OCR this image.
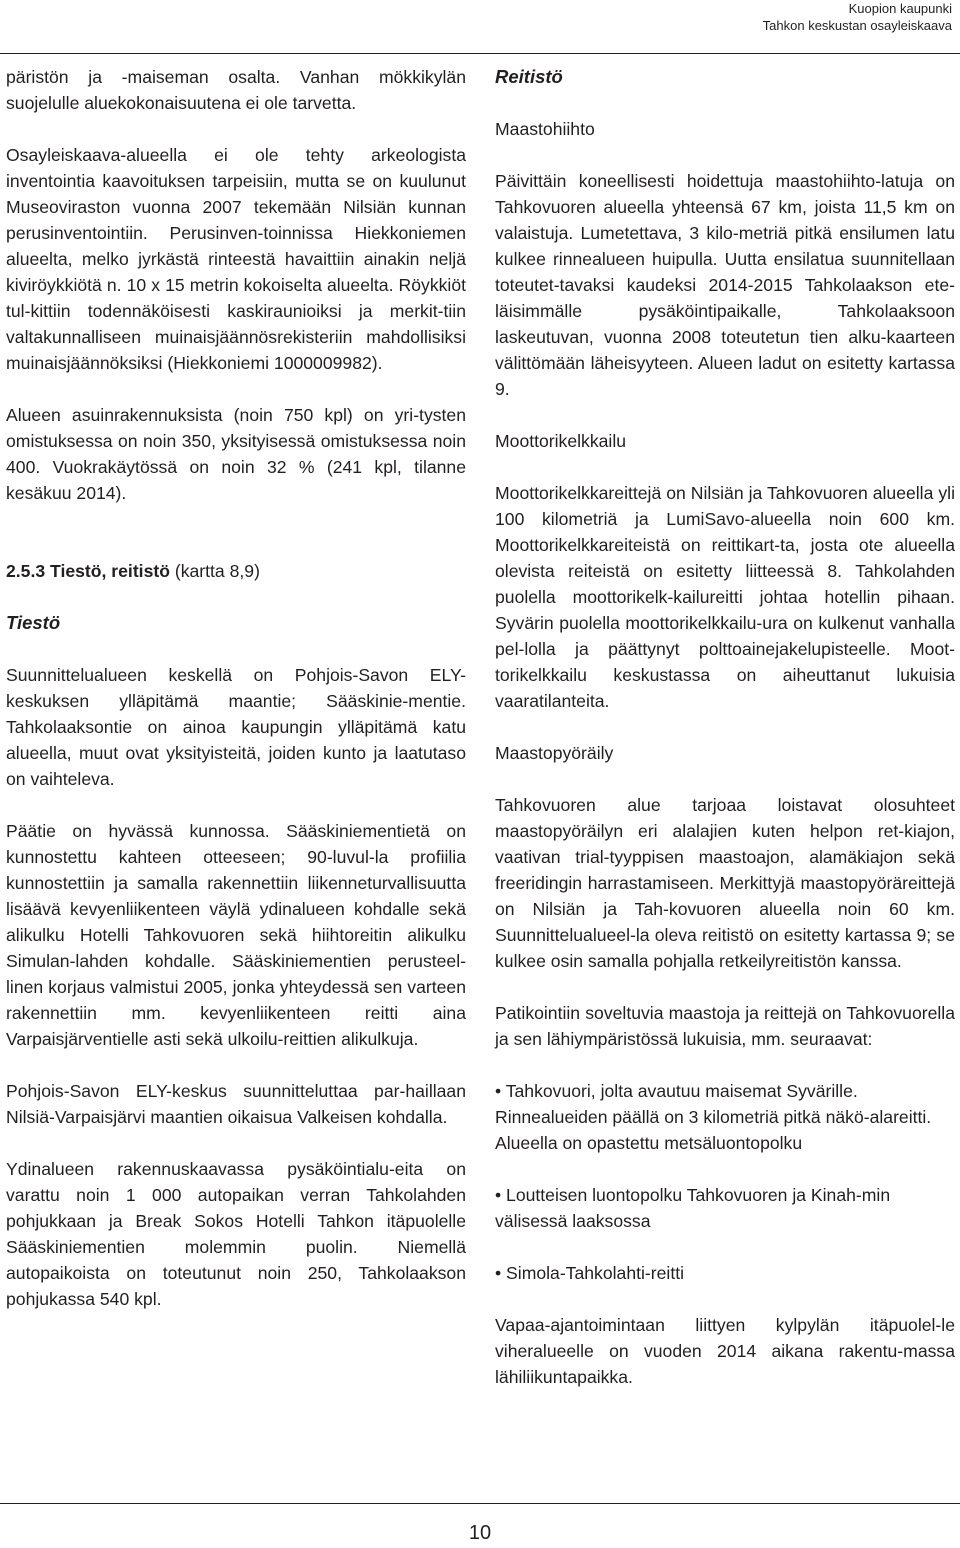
Kuopion kaupunki
Tahkon keskustan osayleiskaava

päristön ja -maiseman osalta. Vanhan mökkikylän suojelulle aluekokonaisuutena ei ole tarvetta.

Osayleiskaava-alueella ei ole tehty arkeologista inventointia kaavoituksen tarpeisiin, mutta se on kuulunut Museoviraston vuonna 2007 tekemään Nilsiän kunnan perusinventointiin. Perusinven-toinnissa Hiekkoniemen alueelta, melko jyrkästä rinteestä havaittiin ainakin neljä kiviröykkiötä n. 10 x 15 metrin kokoiselta alueelta. Röykkiöt tul-kittiin todennäköisesti kaskiraunioiksi ja merkit-tiin valtakunnalliseen muinaisjäännösrekisteriin mahdollisiksi muinaisjäännöksiksi (Hiekkoniemi 1000009982).

Alueen asuinrakennuksista (noin 750 kpl) on yri-tysten omistuksessa on noin 350, yksityisessä omistuksessa noin 400. Vuokrakäytössä on noin 32 % (241 kpl, tilanne kesäkuu 2014).

2.5.3 Tiestö, reitistö (kartta 8,9)
Tiestö

Suunnittelualueen keskellä on Pohjois-Savon ELY-keskuksen ylläpitämä maantie; Sääskinie-mentie. Tahkolaaksontie on ainoa kaupungin ylläpitämä katu alueella, muut ovat yksityisteitä, joiden kunto ja laatutaso on vaihteleva.

Päätie on hyvässä kunnossa. Sääskiniementietä on kunnostettu kahteen otteeseen; 90-luvul-la profiilia kunnostettiin ja samalla rakennettiin liikenneturvallisuutta lisäävä kevyenliikenteen väylä ydinalueen kohdalle sekä alikulku Hotelli Tahkovuoren sekä hiihtoreitin alikulku Simulan-lahden kohdalle. Sääskiniementien perusteel-linen korjaus valmistui 2005, jonka yhteydessä sen varteen rakennettiin mm. kevyenliikenteen reitti aina Varpaisjärventielle asti sekä ulkoilu-reittien alikulkuja.

Pohjois-Savon ELY-keskus suunnitteluttaa par-haillaan Nilsiä-Varpaisjärvi maantien oikaisua Valkeisen kohdalla.

Ydinalueen rakennuskaavassa pysäköintialu-eita on varattu noin 1 000 autopaikan verran Tahkolahden pohjukkaan ja Break Sokos Hotelli Tahkon itäpuolelle Sääskiniementien molemmin puolin. Niemellä autopaikoista on toteutunut noin 250, Tahkolaakson pohjukassa 540 kpl.

Reitistö
Maastohiihto

Päivittäin koneellisesti hoidettuja maastohiihto-latuja on Tahkovuoren alueella yhteensä 67 km, joista 11,5 km on valaistuja. Lumetettava, 3 kilo-metriä pitkä ensilumen latu kulkee rinnealueen huipulla. Uutta ensilatua suunnitellaan toteutet-tavaksi kaudeksi 2014-2015 Tahkolaakson ete-läisimmälle pysäköintipaikalle, Tahkolaaksoon laskeutuvan, vuonna 2008 toteutetun tien alku-kaarteen välittömään läheisyyteen. Alueen ladut on esitetty kartassa 9.

Moottorikelkkailu

Moottorikelkkareittejä on Nilsiän ja Tahkovuoren alueella yli 100 kilometriä ja LumiSavo-alueella noin 600 km. Moottorikelkkareiteistä on reittikart-ta, josta ote alueella olevista reiteistä on esitetty liitteessä 8. Tahkolahden puolella moottorikelk-kailureitti johtaa hotellin pihaan. Syvärin puolella moottorikelkkailu-ura on kulkenut vanhalla pel-lolla ja päättynyt polttoainejakelupisteelle. Moot-torikelkkailu keskustassa on aiheuttanut lukuisia vaaratilanteita.

Maastopyöräily

Tahkovuoren alue tarjoaa loistavat olosuhteet maastopyöräilyn eri alalajien kuten helpon ret-kiajon, vaativan trial-tyyppisen maastoajon, alamäkiajon sekä freeridingin harrastamiseen. Merkittyjä maastopyöräreittejä on Nilsiän ja Tah-kovuoren alueella noin 60 km. Suunnittelualueel-la oleva reitistö on esitetty kartassa 9; se kulkee osin samalla pohjalla retkeilyreitistön kanssa.

Patikointiin soveltuvia maastoja ja reittejä on Tahkovuorella ja sen lähiympäristössä lukuisia, mm. seuraavat:

• Tahkovuori, jolta avautuu maisemat Syvärille. Rinnealueiden päällä on 3 kilometriä pitkä näkö-alareitti. Alueella on opastettu metsäluontopolku
• Loutteisen luontopolku Tahkovuoren ja Kinah-min välisessä laaksossa
• Simola-Tahkolahti-reitti

Vapaa-ajantoimintaan liittyen kylpylän itäpuolel-le viheralueelle on vuoden 2014 aikana rakentu-massa lähiliikuntapaikka.

10
